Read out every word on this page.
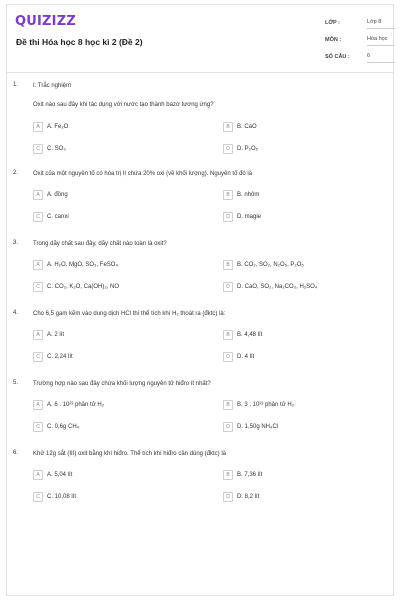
QUIZIZZ
Đề thi Hóa học 8 học kì 2 (Đề 2)
LỚP :	Lớp 8
MÔN :	Hóa học
SỐ CÂU :	6
1. I. Trắc nghiệm
Oxit nào sau đây khi tác dụng với nước tạo thành bazơ tương ứng?
A	A. Fe₂O	B	B. CaO
C	C. SO₃	D	D. P₂O₅
2. Oxit của một nguyên tố có hóa trị II chứa 20% oxi (về khối lượng). Nguyên tố đó là
A	A. đồng	B	B. nhôm
C	C. canxi	D	D. magie
3. Trong dãy chất sau đây, dãy chất nào toàn là oxit?
A	A. H₂O, MgO, SO₃, FeSO₄	B	B. CO₂, SO₂, N₂O₅, P₂O₅
C	C. CO₂, K₂O, Ca(OH)₂, NO	D	D. CaO, SO₂, Na₂CO₃, H₂SO₄
4. Cho 6,5 gam kẽm vào dung dịch HCl thì thể tích khí H₂ thoát ra (đktc) là:
A	A. 2 lít	B	B. 4,48 lít
C	C. 2,24 lít	D	D. 4 lít
5. Trường hợp nào sau đây chứa khối lượng nguyên tử hiđro ít nhất?
A	A. 6 . 10²³ phân tử H₂	B	B. 3 . 10²³ phân tử H₂
C	C. 0,6g CH₄	D	D. 1,50g NH₄Cl
6. Khử 12g sắt (III) oxit bằng khí hiđro. Thể tích khí hiđro cần dùng (đktc) là
A	A. 5,04 lít	B	B. 7,36 lít
C	C. 10,08 lít	D	D. 8,2 lít
